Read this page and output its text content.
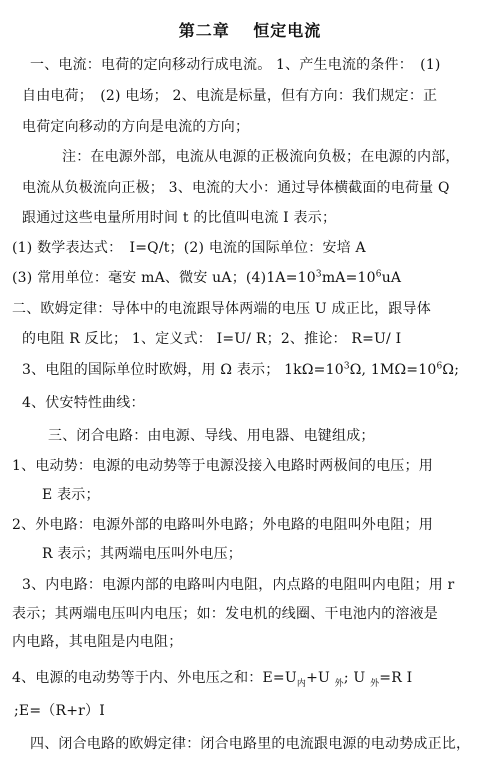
第二章　 恒定电流
一、电流：电荷的定向移动行成电流。 1、产生电流的条件：　(1)
自由电荷；　(2) 电场； 2、电流是标量，但有方向：我们规定：正
电荷定向移动的方向是电流的方向；
注：在电源外部，电流从电源的正极流向负极；在电源的内部，
电流从负极流向正极； 3、电流的大小：通过导体横截面的电荷量 Q
跟通过这些电量所用时间 t 的比值叫电流 I 表示；
(1) 数学表达式：　I=Q/t；(2) 电流的国际单位：安培 A
(3) 常用单位：毫安 mA、微安 uA；$(4)1A=10^3mA=10^6uA$
二、欧姆定律：导体中的电流跟导体两端的电压 U 成正比，跟导体
的电阻 R 反比； 1、定义式： I=U/ R；2、推论： R=U/ I
3、电阻的国际单位时欧姆，用 Ω 表示； $1k\Omega=10^3\Omega$, $1M\Omega=10^6\Omega$;
4、伏安特性曲线：
三、闭合电路：由电源、导线、用电器、电键组成；
1、电动势：电源的电动势等于电源没接入电路时两极间的电压；用
E 表示；
2、外电路：电源外部的电路叫外电路；外电路的电阻叫外电阻；用
R 表示；其两端电压叫外电压；
3、内电路：电源内部的电路叫内电阻，内点路的电阻叫内电阻；用 r
表示；其两端电压叫内电压；如：发电机的线圈、干电池内的溶液是
内电路，其电阻是内电阻；
4、电源的电动势等于内、外电压之和：$E=U_内+U$ $_外$; U $_外$=R I
;E=（R+r）I
四、闭合电路的欧姆定律：闭合电路里的电流跟电源的电动势成正比，
